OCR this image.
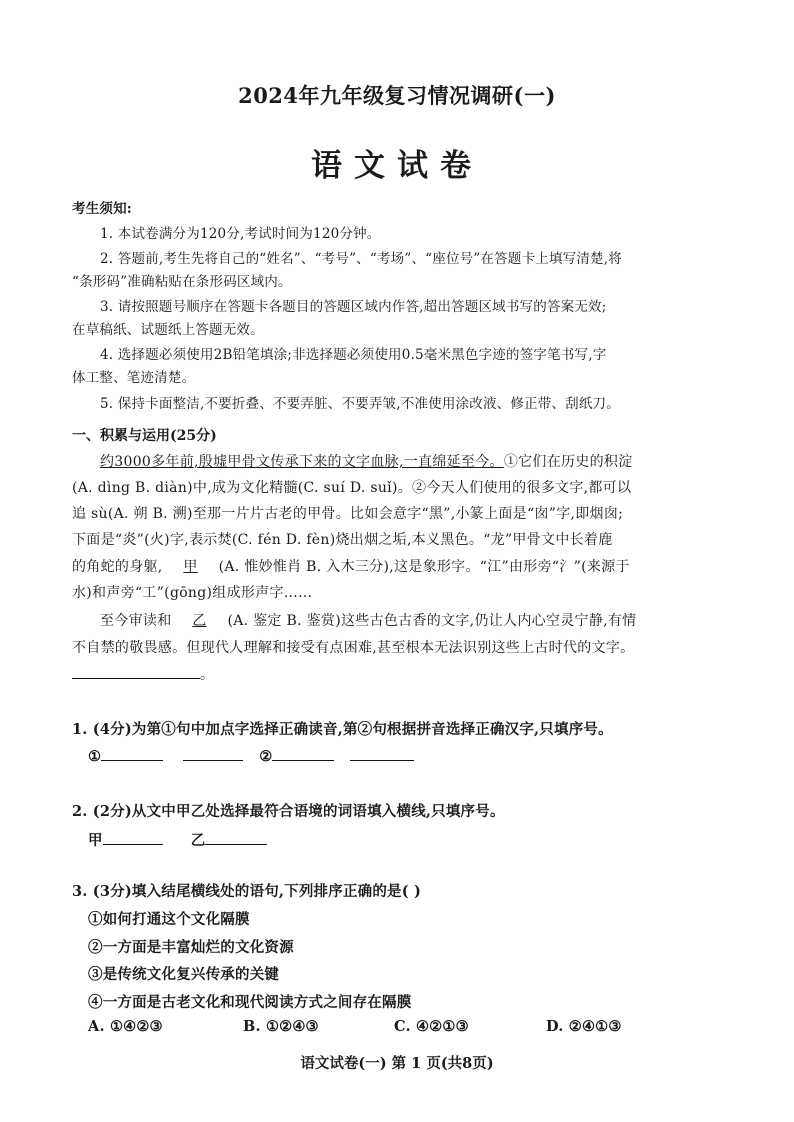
2024年九年级复习情况调研(一)
语文试卷
考生须知:
1. 本试卷满分为120分,考试时间为120分钟。
2. 答题前,考生先将自己的“姓名”、“考号”、“考场”、“座位号”在答题卡上填写清楚,将
“条形码”准确粘贴在条形码区域内。
3. 请按照题号顺序在答题卡各题目的答题区域内作答,超出答题区域书写的答案无效;
在草稿纸、试题纸上答题无效。
4. 选择题必须使用2B铅笔填涂;非选择题必须使用0.5毫米黑色字迹的签字笔书写,字
体工整、笔迹清楚。
5. 保持卡面整洁,不要折叠、不要弄脏、不要弄皱,不准使用涂改液、修正带、刮纸刀。
一、积累与运用(25分)
约3000多年前,殷墟甲骨文传承下来的文字血脉,一直绵延至今。①它们在历史的积淀
(A. dìng B. diàn)中,成为文化精髓(C. suí D. suǐ)。②今天人们使用的很多文字,都可以
追 sù(A. 朔 B. 溯)至那一片片古老的甲骨。比如会意字“黑”,小篆上面是“囱”字,即烟囱;
下面是“炎”(火)字,表示焚(C. fén D. fèn)烧出烟之垢,本义黑色。“龙”甲骨文中长着鹿
的角蛇的身躯, 甲 (A. 惟妙惟肖 B. 入木三分),这是象形字。“江”由形旁“氵”(来源于
水)和声旁“工”(gōng)组成形声字……
至今审读和 乙 (A. 鉴定 B. 鉴赏)这些古色古香的文字,仍让人内心空灵宁静,有情
不自禁的敬畏感。但现代人理解和接受有点困难,甚至根本无法识别这些上古时代的文字。
。
1. (4分)为第①句中加点字选择正确读音,第②句根据拼音选择正确汉字,只填序号。
①	②
2. (2分)从文中甲乙处选择最符合语境的词语填入横线,只填序号。
甲	乙
3. (3分)填入结尾横线处的语句,下列排序正确的是( )
①如何打通这个文化隔膜
②一方面是丰富灿烂的文化资源
③是传统文化复兴传承的关键
④一方面是古老文化和现代阅读方式之间存在隔膜
A. ①④②③	B. ①②④③	C. ④②①③	D. ②④①③
语文试卷(一) 第 1 页(共8页)
